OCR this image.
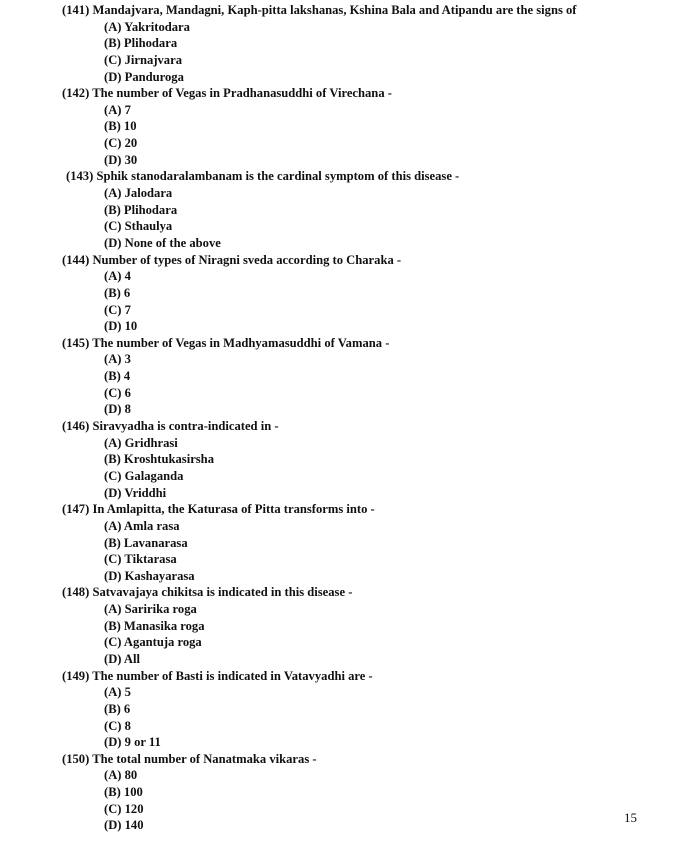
(141) Mandajvara, Mandagni, Kaph-pitta lakshanas, Kshina Bala and Atipandu are the signs of
(A) Yakritodara
(B) Plihodara
(C) Jirnajvara
(D) Panduroga
(142) The number of Vegas in Pradhanasuddhi of Virechana -
(A) 7
(B) 10
(C) 20
(D) 30
(143) Sphik stanodaralambanam is the cardinal symptom of this disease -
(A) Jalodara
(B) Plihodara
(C) Sthaulya
(D) None of the above
(144) Number of types of Niragni sveda according to Charaka -
(A) 4
(B) 6
(C) 7
(D) 10
(145) The number of Vegas in Madhyamasuddhi of Vamana -
(A) 3
(B) 4
(C) 6
(D) 8
(146) Siravyadha is contra-indicated in -
(A) Gridhrasi
(B) Kroshtukasirsha
(C) Galaganda
(D) Vriddhi
(147) In Amlapitta, the Katurasa of Pitta transforms into -
(A) Amla rasa
(B) Lavanarasa
(C) Tiktarasa
(D) Kashayarasa
(148) Satvavajaya chikitsa is indicated in this disease -
(A) Saririka roga
(B) Manasika roga
(C) Agantuja roga
(D) All
(149) The number of Basti is indicated in Vatavyadhi are -
(A) 5
(B) 6
(C) 8
(D) 9 or 11
(150) The total number of Nanatmaka vikaras -
(A) 80
(B) 100
(C) 120
(D) 140
15
